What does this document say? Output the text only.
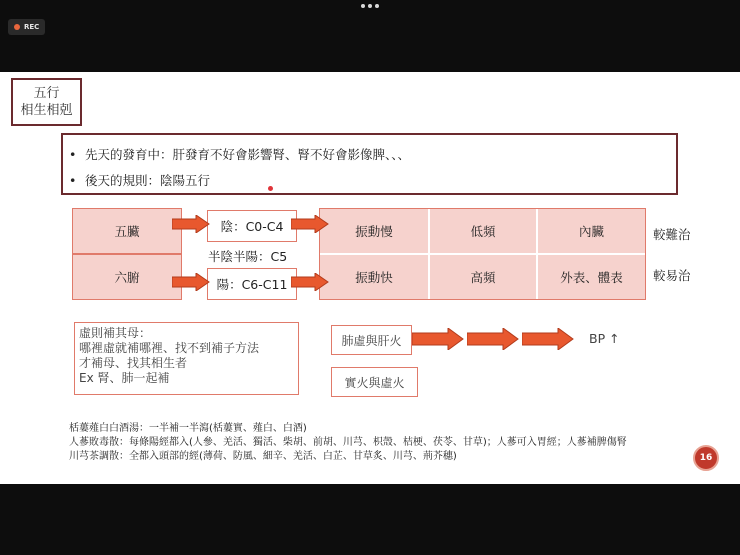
REC
五行
相生相剋
• 先天的發育中：肝發育不好會影響腎、腎不好會影像脾、、、
• 後天的規則：陰陽五行
五臟	陰：C0-C4	振動慢	低頻	內臟
六腑	陽：C6-C11	振動快	高頻	外表、體表
半陰半陽：C5
較難治
較易治
虛則補其母：
哪裡虛就補哪裡、找不到補子方法
才補母、找其相生者
Ex 腎、肺一起補
肺虛與肝火
實火與虛火
BP ↑
栝蔞薤白白酒湯：一半補一半瀉(栝蔞實、薤白、白酒)
人蔘敗毒散：每條陽經都入(人參、羌活、獨活、柴胡、前胡、川芎、枳殼、桔梗、茯苓、甘草)；人蔘可入胃經；人蔘補脾傷腎
川芎茶調散：全都入頭部的經(薄荷、防風、細辛、羌活、白芷、甘草炙、川芎、荊芥穗)	16
